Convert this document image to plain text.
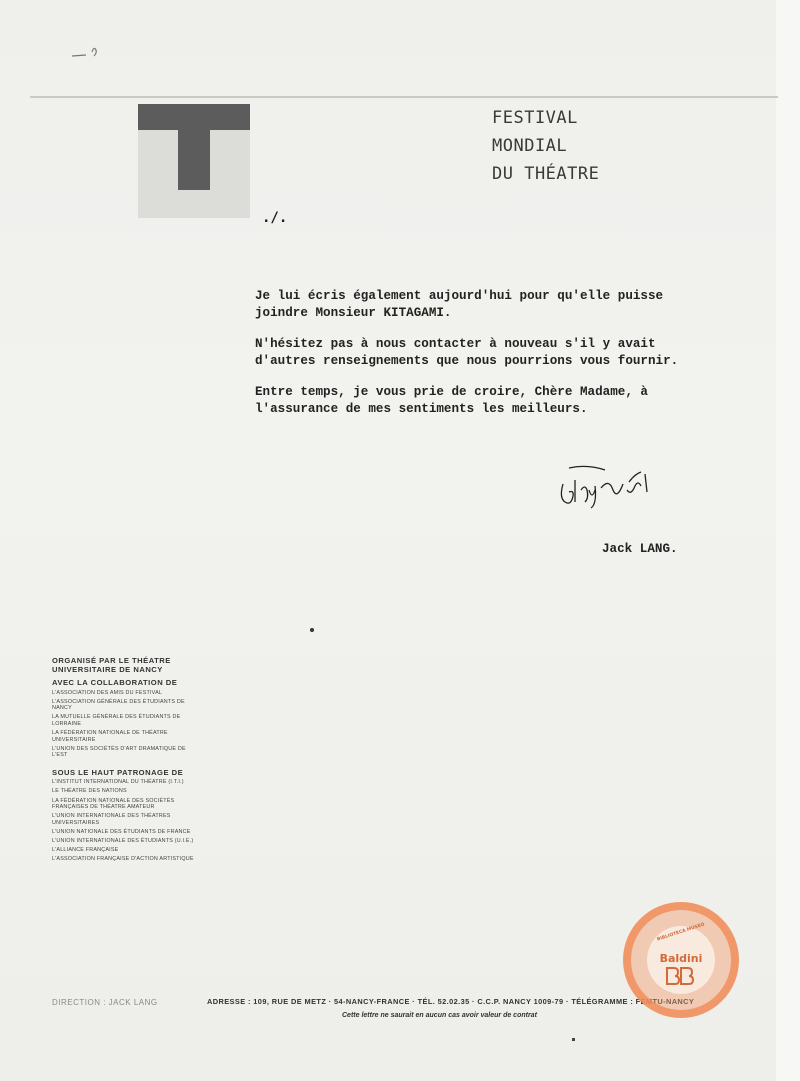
FESTIVAL
MONDIAL
DU THÉATRE
./.

Je lui écris également aujourd'hui pour qu'elle puisse
joindre Monsieur KITAGAMI.

N'hésitez pas à nous contacter à nouveau s'il y avait
d'autres renseignements que nous pourrions vous fournir.

Entre temps, je vous prie de croire, Chère Madame, à
l'assurance de mes sentiments les meilleurs.

Jack LANG.
ORGANISÉ PAR LE THÉATRE UNIVERSITAIRE DE NANCY
AVEC LA COLLABORATION DE
L'ASSOCIATION DES AMIS DU FESTIVAL
L'ASSOCIATION GÉNÉRALE DES ÉTUDIANTS DE NANCY
LA MUTUELLE GÉNÉRALE DES ÉTUDIANTS DE LORRAINE
LA FÉDÉRATION NATIONALE DE THÉATRE UNIVERSITAIRE
L'UNION DES SOCIÉTÉS D'ART DRAMATIQUE DE L'EST
SOUS LE HAUT PATRONAGE DE
L'INSTITUT INTERNATIONAL DU THÉATRE (I.T.I.)
LE THÉATRE DES NATIONS
LA FÉDÉRATION NATIONALE DES SOCIÉTÉS FRANÇAISES DE THÉATRE AMATEUR
L'UNION INTERNATIONALE DES THÉATRES UNIVERSITAIRES
L'UNION NATIONALE DES ÉTUDIANTS DE FRANCE
L'UNION INTERNATIONALE DES ÉTUDIANTS (U.I.E.)
L'ALLIANCE FRANÇAISE
L'ASSOCIATION FRANÇAISE D'ACTION ARTISTIQUE
DIRECTION : JACK LANG	ADRESSE : 109, RUE DE METZ · 54-NANCY-FRANCE · TÉL. 52.02.35 · C.C.P. NANCY 1009-79 · TÉLÉGRAMME : FEMTU-NANCY
Cette lettre ne saurait en aucun cas avoir valeur de contrat
BIBLIOTECA MUSEO
Baldini
